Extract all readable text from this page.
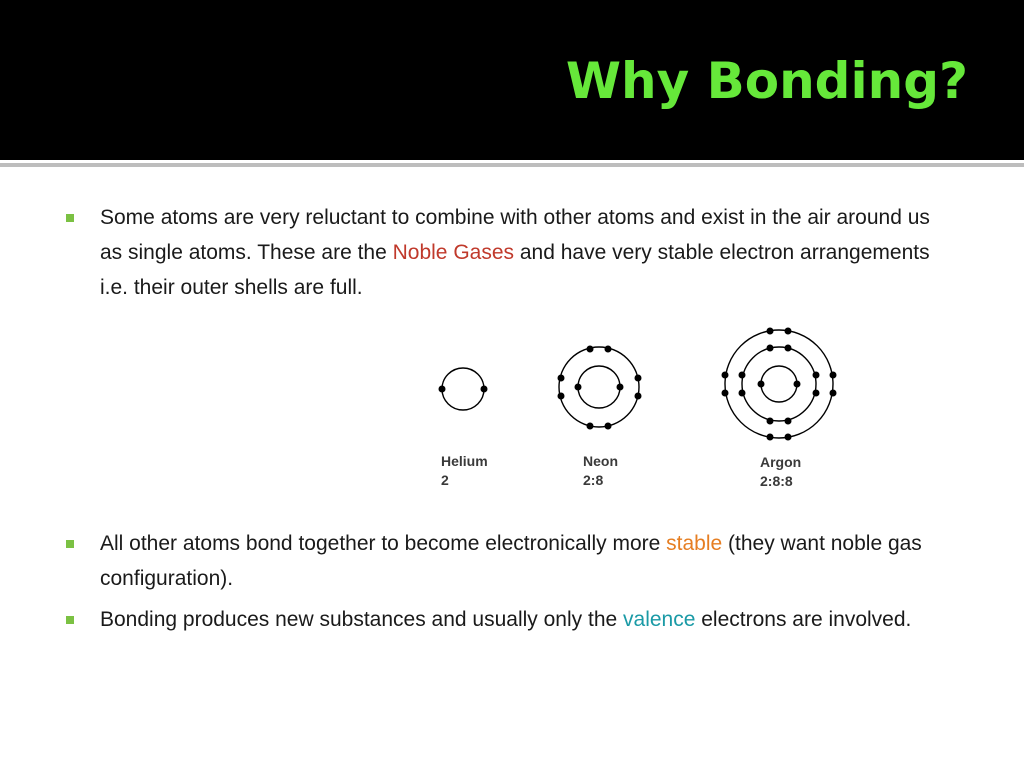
Why Bonding?
Some atoms are very reluctant to combine with other atoms and exist in the air around us as single atoms. These are the Noble Gases and have very stable electron arrangements i.e. their outer shells are full.
Helium
2
Neon
2:8
Argon
2:8:8
All other atoms bond together to become electronically more stable (they want noble gas configuration).
Bonding produces new substances and usually only the valence electrons are involved.
